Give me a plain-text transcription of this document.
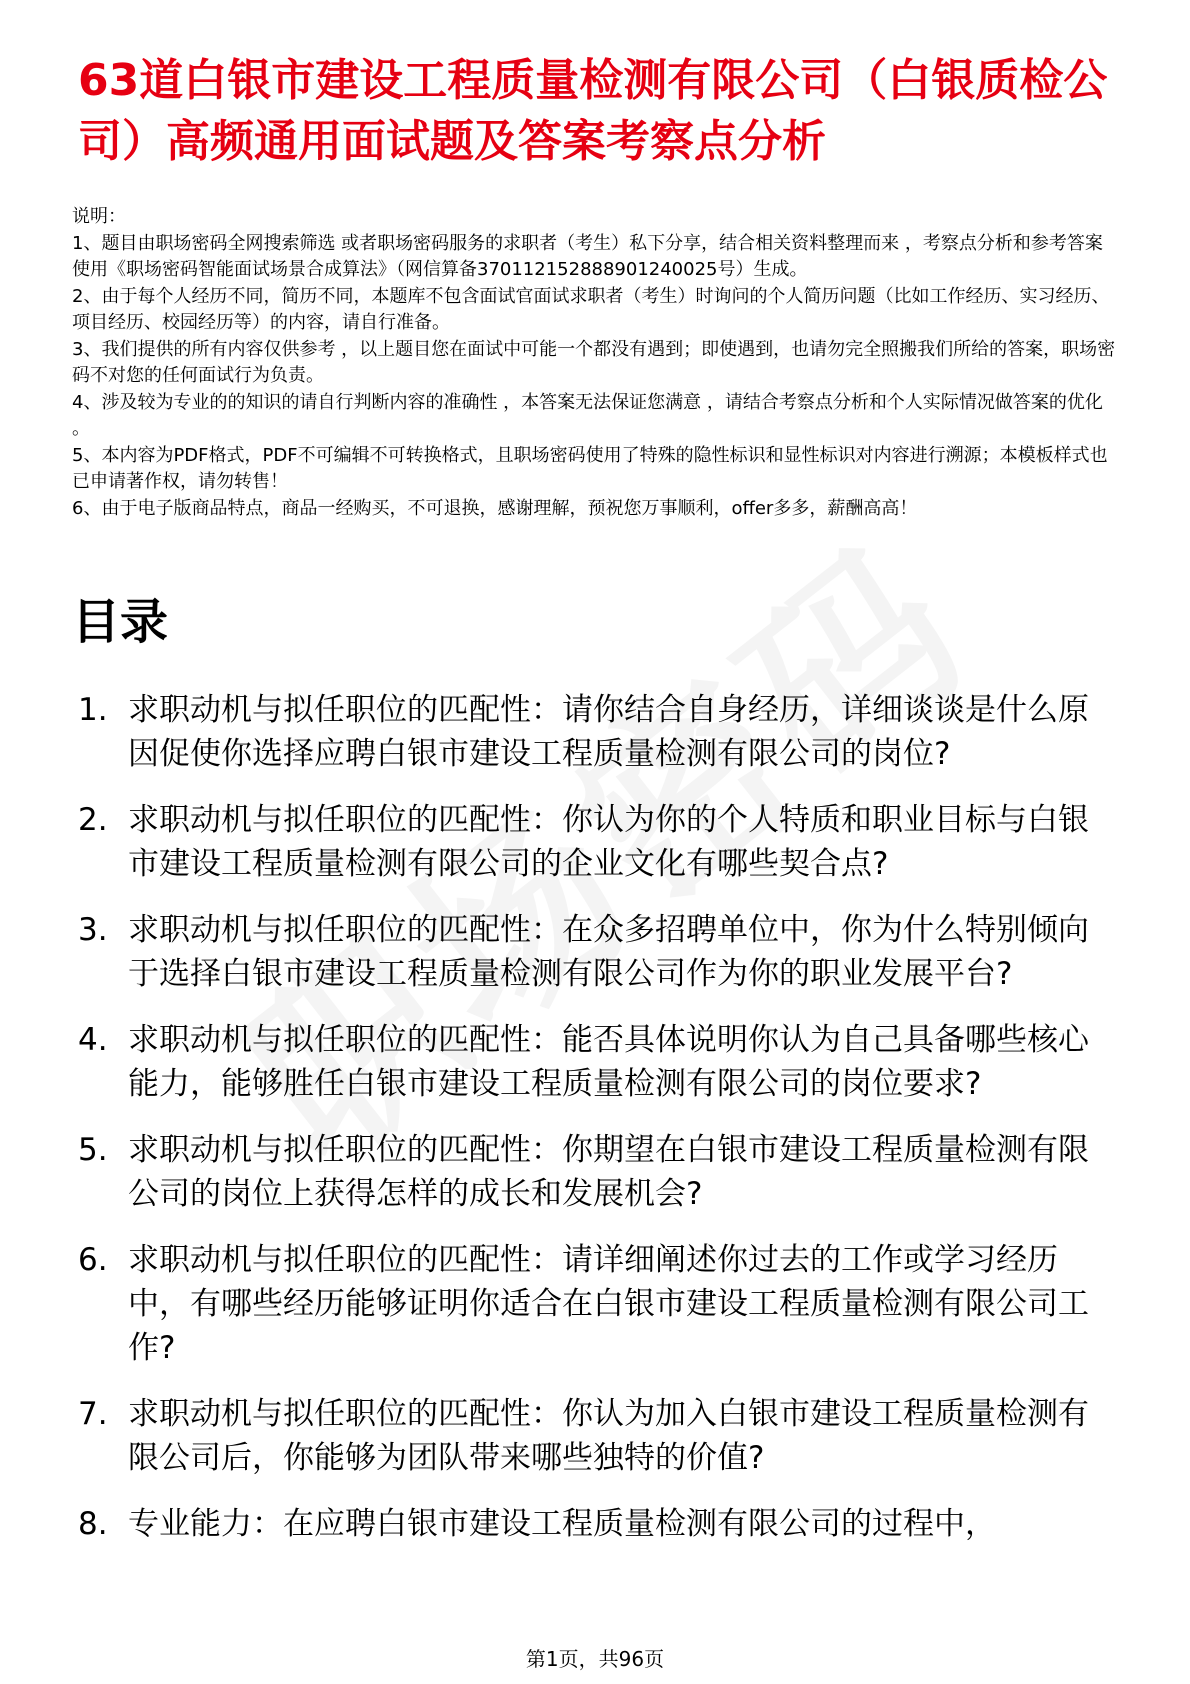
63道白银市建设工程质量检测有限公司（白银质检公司）高频通用面试题及答案考察点分析

说明：

1、题目由职场密码全网搜索筛选 或者职场密码服务的求职者（考生）私下分享，结合相关资料整理而来 ，考察点分析和参考答案使用《职场密码智能面试场景合成算法》（网信算备370112152888901240025号）生成。

2、由于每个人经历不同，简历不同，本题库不包含面试官面试求职者（考生）时询问的个人简历问题（比如工作经历、实习经历、项目经历、校园经历等）的内容，请自行准备。

3、我们提供的所有内容仅供参考 ，以上题目您在面试中可能一个都没有遇到；即使遇到，也请勿完全照搬我们所给的答案，职场密码不对您的任何面试行为负责。

4、涉及较为专业的的知识的请自行判断内容的准确性 ，本答案无法保证您满意 ，请结合考察点分析和个人实际情况做答案的优化 。

5、本内容为PDF格式，PDF不可编辑不可转换格式，且职场密码使用了特殊的隐性标识和显性标识对内容进行溯源；本模板样式也已申请著作权，请勿转售！

6、由于电子版商品特点，商品一经购买，不可退换，感谢理解，预祝您万事顺利，offer多多，薪酬高高！

目录
1. 求职动机与拟任职位的匹配性：请你结合自身经历，详细谈谈是什么原因促使你选择应聘白银市建设工程质量检测有限公司的岗位?
2. 求职动机与拟任职位的匹配性：你认为你的个人特质和职业目标与白银市建设工程质量检测有限公司的企业文化有哪些契合点?
3. 求职动机与拟任职位的匹配性：在众多招聘单位中，你为什么特别倾向于选择白银市建设工程质量检测有限公司作为你的职业发展平台?
4. 求职动机与拟任职位的匹配性：能否具体说明你认为自己具备哪些核心能力，能够胜任白银市建设工程质量检测有限公司的岗位要求?
5. 求职动机与拟任职位的匹配性：你期望在白银市建设工程质量检测有限公司的岗位上获得怎样的成长和发展机会?
6. 求职动机与拟任职位的匹配性：请详细阐述你过去的工作或学习经历中，有哪些经历能够证明你适合在白银市建设工程质量检测有限公司工作?
7. 求职动机与拟任职位的匹配性：你认为加入白银市建设工程质量检测有限公司后，你能够为团队带来哪些独特的价值?
8. 专业能力：在应聘白银市建设工程质量检测有限公司的过程中，
第1页，共96页
